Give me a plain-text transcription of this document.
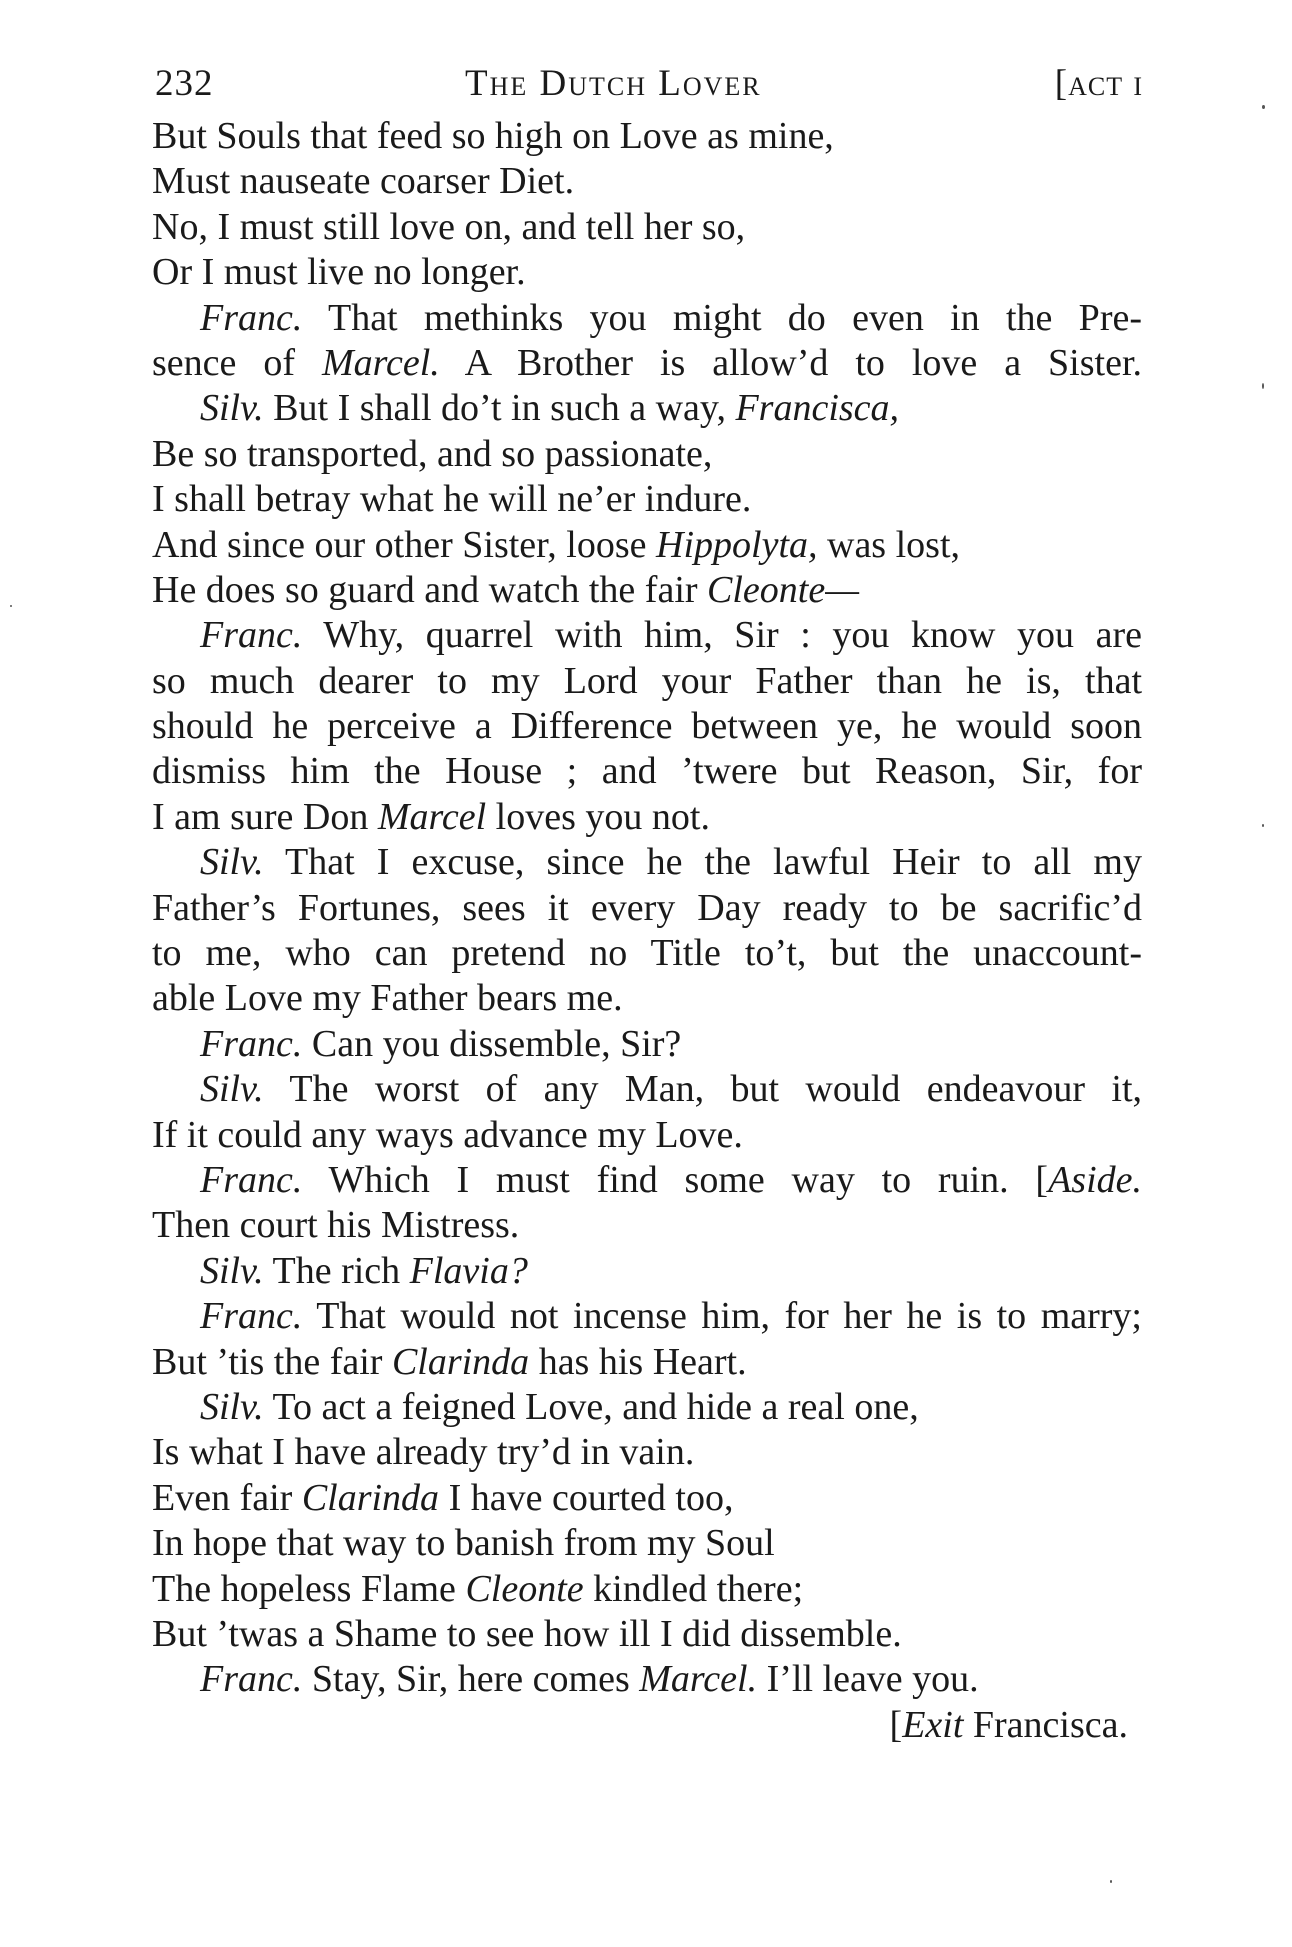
232	The Dutch Lover	[act i
But Souls that feed so high on Love as mine,
Must nauseate coarser Diet.
No, I must still love on, and tell her so,
Or I must live no longer.
Franc. That methinks you might do even in the Pre-
sence of Marcel. A Brother is allow’d to love a Sister.
Silv. But I shall do’t in such a way, Francisca,
Be so transported, and so passionate,
I shall betray what he will ne’er indure.
And since our other Sister, loose Hippolyta, was lost,
He does so guard and watch the fair Cleonte—
Franc. Why, quarrel with him, Sir : you know you are
so much dearer to my Lord your Father than he is, that
should he perceive a Difference between ye, he would soon
dismiss him the House ; and ’twere but Reason, Sir, for
I am sure Don Marcel loves you not.
Silv. That I excuse, since he the lawful Heir to all my
Father’s Fortunes, sees it every Day ready to be sacrific’d
to me, who can pretend no Title to’t, but the unaccount-
able Love my Father bears me.
Franc. Can you dissemble, Sir?
Silv. The worst of any Man, but would endeavour it,
If it could any ways advance my Love.
Franc. Which I must find some way to ruin. [Aside.
Then court his Mistress.
Silv. The rich Flavia?
Franc. That would not incense him, for her he is to marry;
But ’tis the fair Clarinda has his Heart.
Silv. To act a feigned Love, and hide a real one,
Is what I have already try’d in vain.
Even fair Clarinda I have courted too,
In hope that way to banish from my Soul
The hopeless Flame Cleonte kindled there;
But ’twas a Shame to see how ill I did dissemble.
Franc. Stay, Sir, here comes Marcel. I’ll leave you.
[Exit Francisca.
